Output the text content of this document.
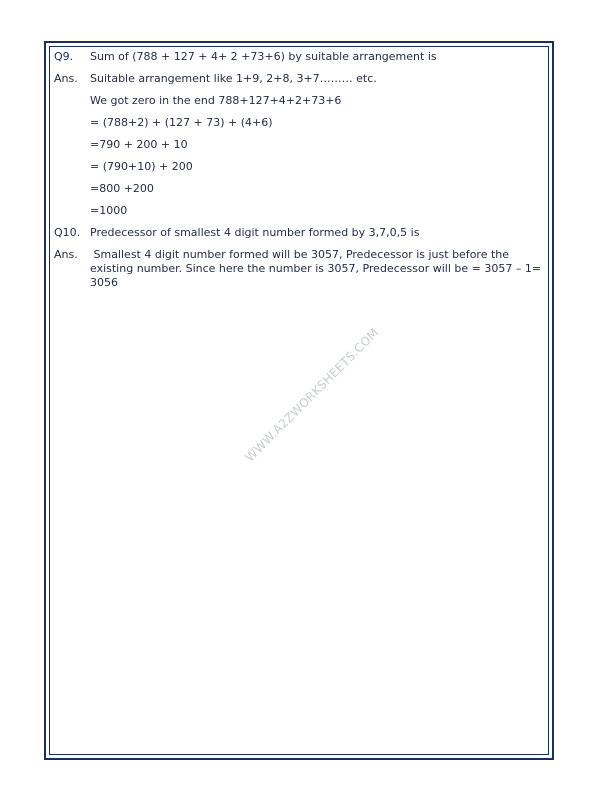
Q9.	Sum of (788 + 127 + 4+ 2 +73+6) by suitable arrangement is
Ans.	Suitable arrangement like 1+9, 2+8, 3+7……… etc.
We got zero in the end 788+127+4+2+73+6
= (788+2) + (127 + 73) + (4+6)
=790 + 200 + 10
= (790+10) + 200
=800 +200
=1000
Q10. Predecessor of smallest 4 digit number formed by 3,7,0,5 is
Ans.	Smallest 4 digit number formed will be 3057, Predecessor is just before the existing number. Since here the number is 3057, Predecessor will be = 3057 – 1= 3056
WWW.A2ZWORKSHEETS.COM
